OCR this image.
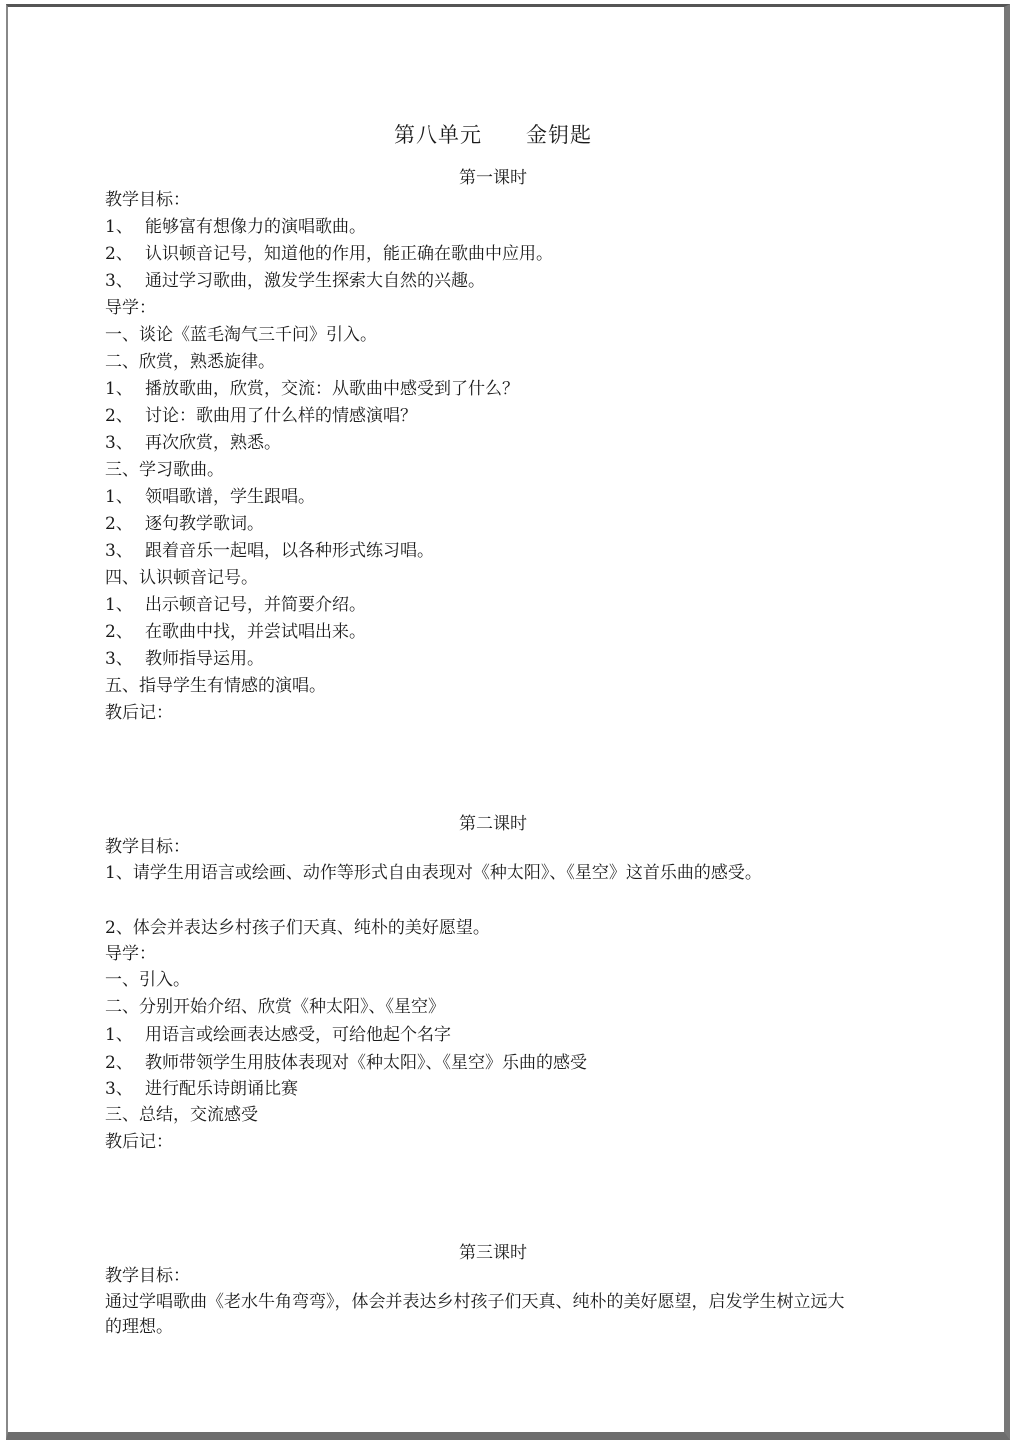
第八单元　　金钥匙
第一课时
教学目标：
1、 能够富有想像力的演唱歌曲。
2、 认识顿音记号，知道他的作用，能正确在歌曲中应用。
3、 通过学习歌曲，激发学生探索大自然的兴趣。
导学：
一、谈论《蓝毛淘气三千问》引入。
二、欣赏，熟悉旋律。
1、 播放歌曲，欣赏，交流：从歌曲中感受到了什么？
2、 讨论：歌曲用了什么样的情感演唱？
3、 再次欣赏，熟悉。
三、学习歌曲。
1、 领唱歌谱，学生跟唱。
2、 逐句教学歌词。
3、 跟着音乐一起唱，以各种形式练习唱。
四、认识顿音记号。
1、 出示顿音记号，并简要介绍。
2、 在歌曲中找，并尝试唱出来。
3、 教师指导运用。
五、指导学生有情感的演唱。
教后记：
第二课时
教学目标：
1、请学生用语言或绘画、动作等形式自由表现对《种太阳》、《星空》这首乐曲的感受。
2、体会并表达乡村孩子们天真、纯朴的美好愿望。
导学：
一、引入。
二、分别开始介绍、欣赏《种太阳》、《星空》
1、 用语言或绘画表达感受，可给他起个名字
2、 教师带领学生用肢体表现对《种太阳》、《星空》乐曲的感受
3、 进行配乐诗朗诵比赛
三、总结，交流感受
教后记：
第三课时
教学目标：
通过学唱歌曲《老水牛角弯弯》，体会并表达乡村孩子们天真、纯朴的美好愿望，启发学生树立远大的理想。
